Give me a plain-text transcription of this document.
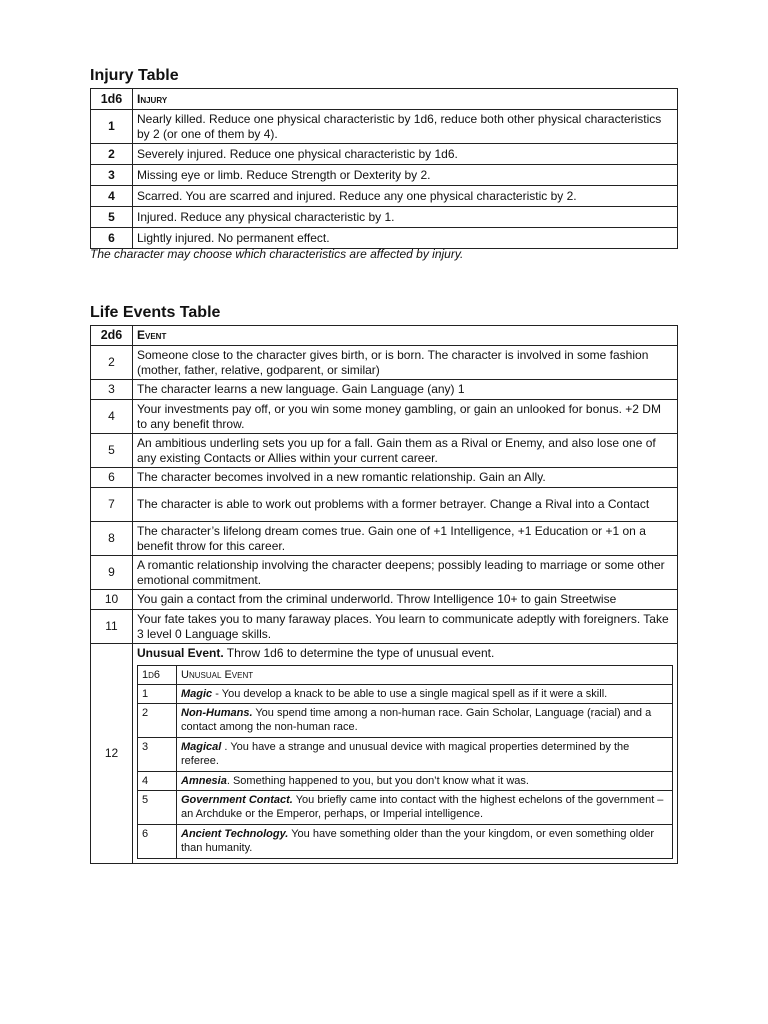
Injury Table
1d6	Injury
1	Nearly killed. Reduce one physical characteristic by 1d6, reduce both other physical characteristics by 2 (or one of them by 4).
2	Severely injured. Reduce one physical characteristic by 1d6.
3	Missing eye or limb. Reduce Strength or Dexterity by 2.
4	Scarred. You are scarred and injured. Reduce any one physical characteristic by 2.
5	Injured. Reduce any physical characteristic by 1.
6	Lightly injured. No permanent effect.

The character may choose which characteristics are affected by injury.

Life Events Table
2d6	Event
2	Someone close to the character gives birth, or is born. The character is involved in some fashion (mother, father, relative, godparent, or similar)
3	The character learns a new language. Gain Language (any) 1
4	Your investments pay off, or you win some money gambling, or gain an unlooked for bonus. +2 DM to any benefit throw.
5	An ambitious underling sets you up for a fall. Gain them as a Rival or Enemy, and also lose one of any existing Contacts or Allies within your current career.
6	The character becomes involved in a new romantic relationship. Gain an Ally.
7	The character is able to work out problems with a former betrayer. Change a Rival into a Contact
8	The character’s lifelong dream comes true. Gain one of +1 Intelligence, +1 Education or +1 on a benefit throw for this career.
9	A romantic relationship involving the character deepens; possibly leading to marriage or some other emotional commitment.
10	You gain a contact from the criminal underworld. Throw Intelligence 10+ to gain Streetwise
11	Your fate takes you to many faraway places. You learn to communicate adeptly with foreigners. Take 3 level 0 Language skills.
12	
Unusual Event. Throw 1d6 to determine the type of unusual event.
1d6	Unusual Event
1	Magic - You develop a knack to be able to use a single magical spell as if it were a skill.
2	Non-Humans. You spend time among a non-human race. Gain Scholar, Language (racial) and a contact among the non-human race.
3	Magical . You have a strange and unusual device with magical properties determined by the referee.
4	Amnesia. Something happened to you, but you don’t know what it was.
5	Government Contact. You briefly came into contact with the highest echelons of the government – an Archduke or the Emperor, perhaps, or Imperial intelligence.
6	Ancient Technology. You have something older than the your kingdom, or even something older than humanity.
